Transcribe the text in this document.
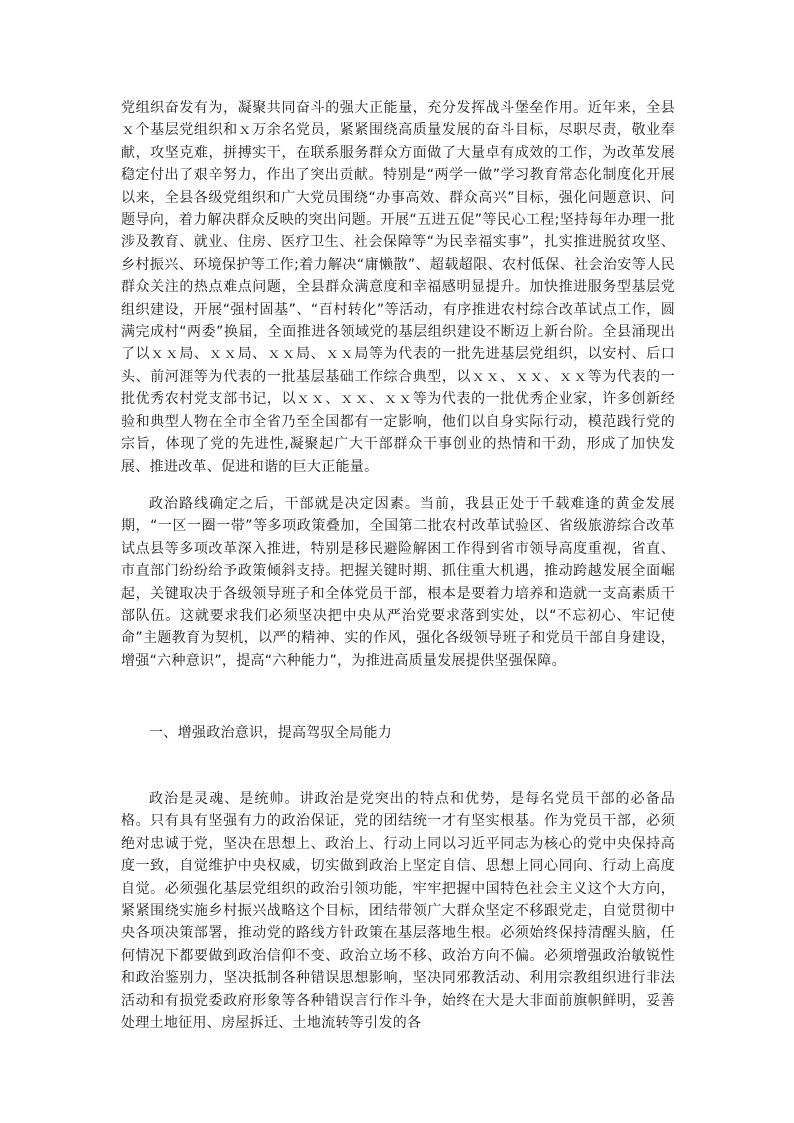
党组织奋发有为，凝聚共同奋斗的强大正能量，充分发挥战斗堡垒作用。近年来，全县ｘ个基层党组织和ｘ万余名党员，紧紧围绕高质量发展的奋斗目标，尽职尽责，敬业奉献，攻坚克难，拼搏实干，在联系服务群众方面做了大量卓有成效的工作，为改革发展稳定付出了艰辛努力，作出了突出贡献。特别是“两学一做”学习教育常态化制度化开展以来，全县各级党组织和广大党员围绕“办事高效、群众高兴”目标，强化问题意识、问题导向，着力解决群众反映的突出问题。开展“五进五促”等民心工程;坚持每年办理一批涉及教育、就业、住房、医疗卫生、社会保障等“为民幸福实事”，扎实推进脱贫攻坚、乡村振兴、环境保护等工作;着力解决“庸懒散”、超载超限、农村低保、社会治安等人民群众关注的热点难点问题，全县群众满意度和幸福感明显提升。加快推进服务型基层党组织建设，开展“强村固基”、“百村转化”等活动，有序推进农村综合改革试点工作，圆满完成村“两委”换届，全面推进各领域党的基层组织建设不断迈上新台阶。全县涌现出了以ｘｘ局、ｘｘ局、ｘｘ局、ｘｘ局等为代表的一批先进基层党组织，以安村、后口头、前河涯等为代表的一批基层基础工作综合典型，以ｘｘ、ｘｘ、ｘｘ等为代表的一批优秀农村党支部书记，以ｘｘ、ｘｘ、ｘｘ等为代表的一批优秀企业家，许多创新经验和典型人物在全市全省乃至全国都有一定影响，他们以自身实际行动，模范践行党的宗旨，体现了党的先进性,凝聚起广大干部群众干事创业的热情和干劲，形成了加快发展、推进改革、促进和谐的巨大正能量。

政治路线确定之后，干部就是决定因素。当前，我县正处于千载难逢的黄金发展期，“一区一圈一带”等多项政策叠加，全国第二批农村改革试验区、省级旅游综合改革试点县等多项改革深入推进，特别是移民避险解困工作得到省市领导高度重视，省直、市直部门纷纷给予政策倾斜支持。把握关键时期、抓住重大机遇，推动跨越发展全面崛起，关键取决于各级领导班子和全体党员干部，根本是要着力培养和造就一支高素质干部队伍。这就要求我们必须坚决把中央从严治党要求落到实处，以“不忘初心、牢记使命”主题教育为契机，以严的精神、实的作风，强化各级领导班子和党员干部自身建设，增强“六种意识”，提高“六种能力”，为推进高质量发展提供坚强保障。

一、增强政治意识，提高驾驭全局能力

政治是灵魂、是统帅。讲政治是党突出的特点和优势，是每名党员干部的必备品格。只有具有坚强有力的政治保证，党的团结统一才有坚实根基。作为党员干部，必须绝对忠诚于党，坚决在思想上、政治上、行动上同以习近平同志为核心的党中央保持高度一致，自觉维护中央权威，切实做到政治上坚定自信、思想上同心同向、行动上高度自觉。必须强化基层党组织的政治引领功能，牢牢把握中国特色社会主义这个大方向，紧紧围绕实施乡村振兴战略这个目标，团结带领广大群众坚定不移跟党走，自觉贯彻中央各项决策部署，推动党的路线方针政策在基层落地生根。必须始终保持清醒头脑，任何情况下都要做到政治信仰不变、政治立场不移、政治方向不偏。必须增强政治敏锐性和政治鉴别力，坚决抵制各种错误思想影响，坚决同邪教活动、利用宗教组织进行非法活动和有损党委政府形象等各种错误言行作斗争，始终在大是大非面前旗帜鲜明，妥善处理土地征用、房屋拆迁、土地流转等引发的各
